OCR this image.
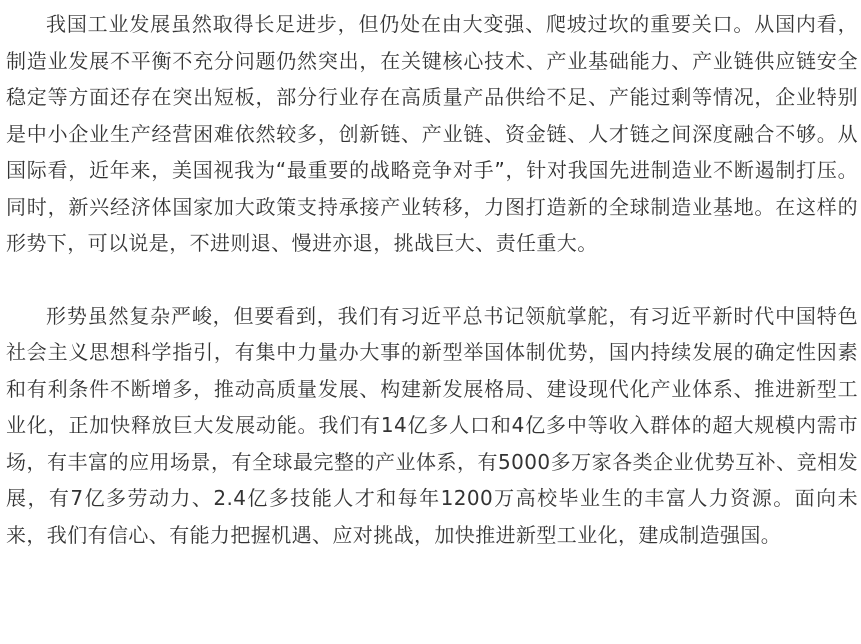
我国工业发展虽然取得长足进步，但仍处在由大变强、爬坡过坎的重要关口。从国内看，制造业发展不平衡不充分问题仍然突出，在关键核心技术、产业基础能力、产业链供应链安全稳定等方面还存在突出短板，部分行业存在高质量产品供给不足、产能过剩等情况，企业特别是中小企业生产经营困难依然较多，创新链、产业链、资金链、人才链之间深度融合不够。从国际看，近年来，美国视我为“最重要的战略竞争对手”，针对我国先进制造业不断遏制打压。同时，新兴经济体国家加大政策支持承接产业转移，力图打造新的全球制造业基地。在这样的形势下，可以说是，不进则退、慢进亦退，挑战巨大、责任重大。

形势虽然复杂严峻，但要看到，我们有习近平总书记领航掌舵，有习近平新时代中国特色社会主义思想科学指引，有集中力量办大事的新型举国体制优势，国内持续发展的确定性因素和有利条件不断增多，推动高质量发展、构建新发展格局、建设现代化产业体系、推进新型工业化，正加快释放巨大发展动能。我们有14亿多人口和4亿多中等收入群体的超大规模内需市场，有丰富的应用场景，有全球最完整的产业体系，有5000多万家各类企业优势互补、竞相发展，有7亿多劳动力、2.4亿多技能人才和每年1200万高校毕业生的丰富人力资源。面向未来，我们有信心、有能力把握机遇、应对挑战，加快推进新型工业化，建成制造强国。
